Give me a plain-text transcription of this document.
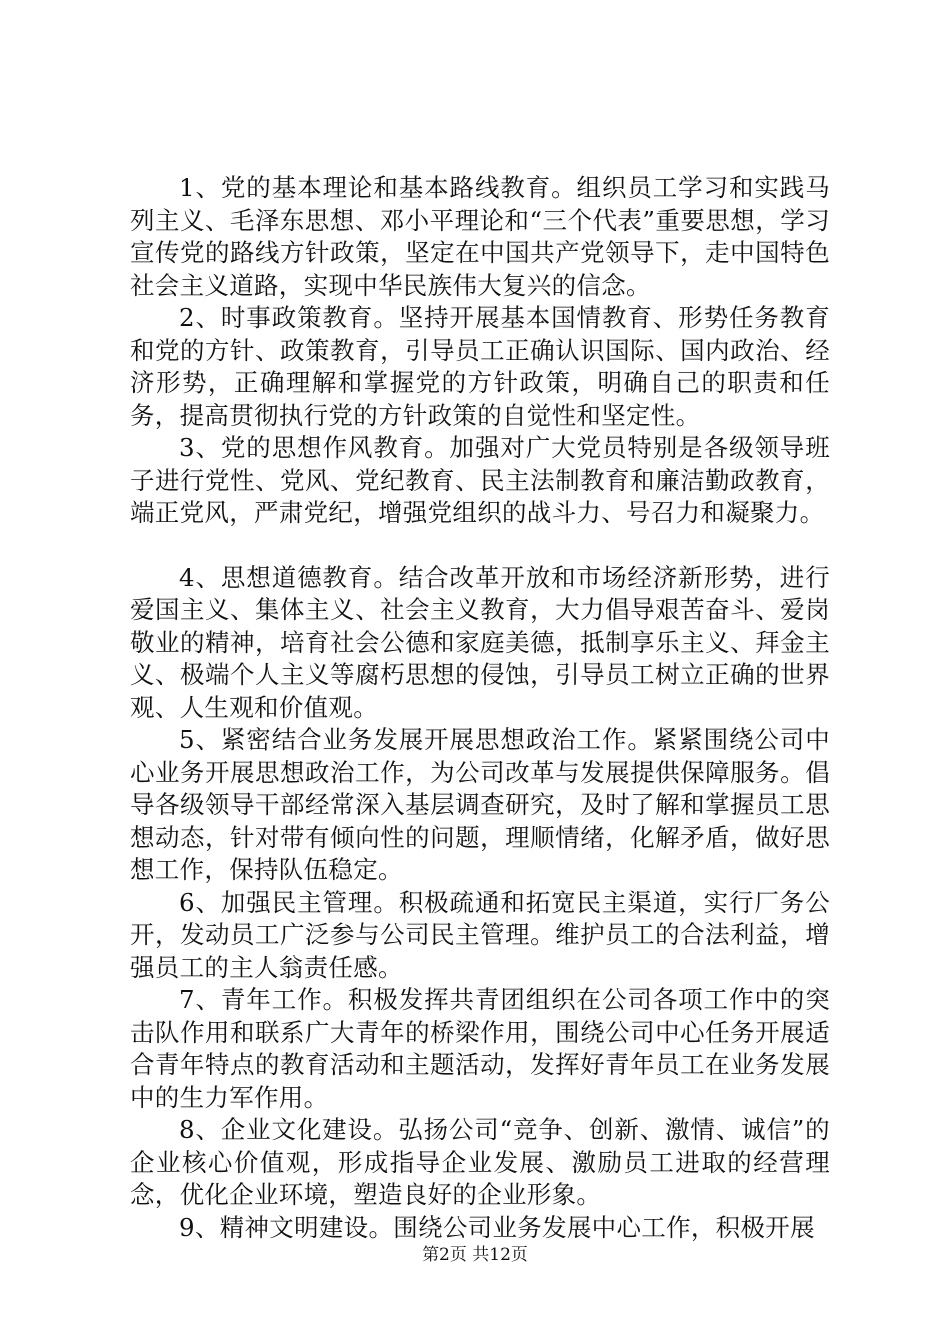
1、党的基本理论和基本路线教育。组织员工学习和实践马列主义、毛泽东思想、邓小平理论和“三个代表”重要思想，学习宣传党的路线方针政策，坚定在中国共产党领导下，走中国特色社会主义道路，实现中华民族伟大复兴的信念。

2、时事政策教育。坚持开展基本国情教育、形势任务教育和党的方针、政策教育，引导员工正确认识国际、国内政治、经济形势，正确理解和掌握党的方针政策，明确自己的职责和任务，提高贯彻执行党的方针政策的自觉性和坚定性。

3、党的思想作风教育。加强对广大党员特别是各级领导班子进行党性、党风、党纪教育、民主法制教育和廉洁勤政教育，端正党风，严肃党纪，增强党组织的战斗力、号召力和凝聚力。

4、思想道德教育。结合改革开放和市场经济新形势，进行爱国主义、集体主义、社会主义教育，大力倡导艰苦奋斗、爱岗敬业的精神，培育社会公德和家庭美德，抵制享乐主义、拜金主义、极端个人主义等腐朽思想的侵蚀，引导员工树立正确的世界观、人生观和价值观。

5、紧密结合业务发展开展思想政治工作。紧紧围绕公司中心业务开展思想政治工作，为公司改革与发展提供保障服务。倡导各级领导干部经常深入基层调查研究，及时了解和掌握员工思想动态，针对带有倾向性的问题，理顺情绪，化解矛盾，做好思想工作，保持队伍稳定。

6、加强民主管理。积极疏通和拓宽民主渠道，实行厂务公开，发动员工广泛参与公司民主管理。维护员工的合法利益，增强员工的主人翁责任感。

7、青年工作。积极发挥共青团组织在公司各项工作中的突击队作用和联系广大青年的桥梁作用，围绕公司中心任务开展适合青年特点的教育活动和主题活动，发挥好青年员工在业务发展中的生力军作用。

8、企业文化建设。弘扬公司“竞争、创新、激情、诚信”的企业核心价值观，形成指导企业发展、激励员工进取的经营理念，优化企业环境，塑造良好的企业形象。

9、精神文明建设。围绕公司业务发展中心工作，积极开展

第2页 共12页
